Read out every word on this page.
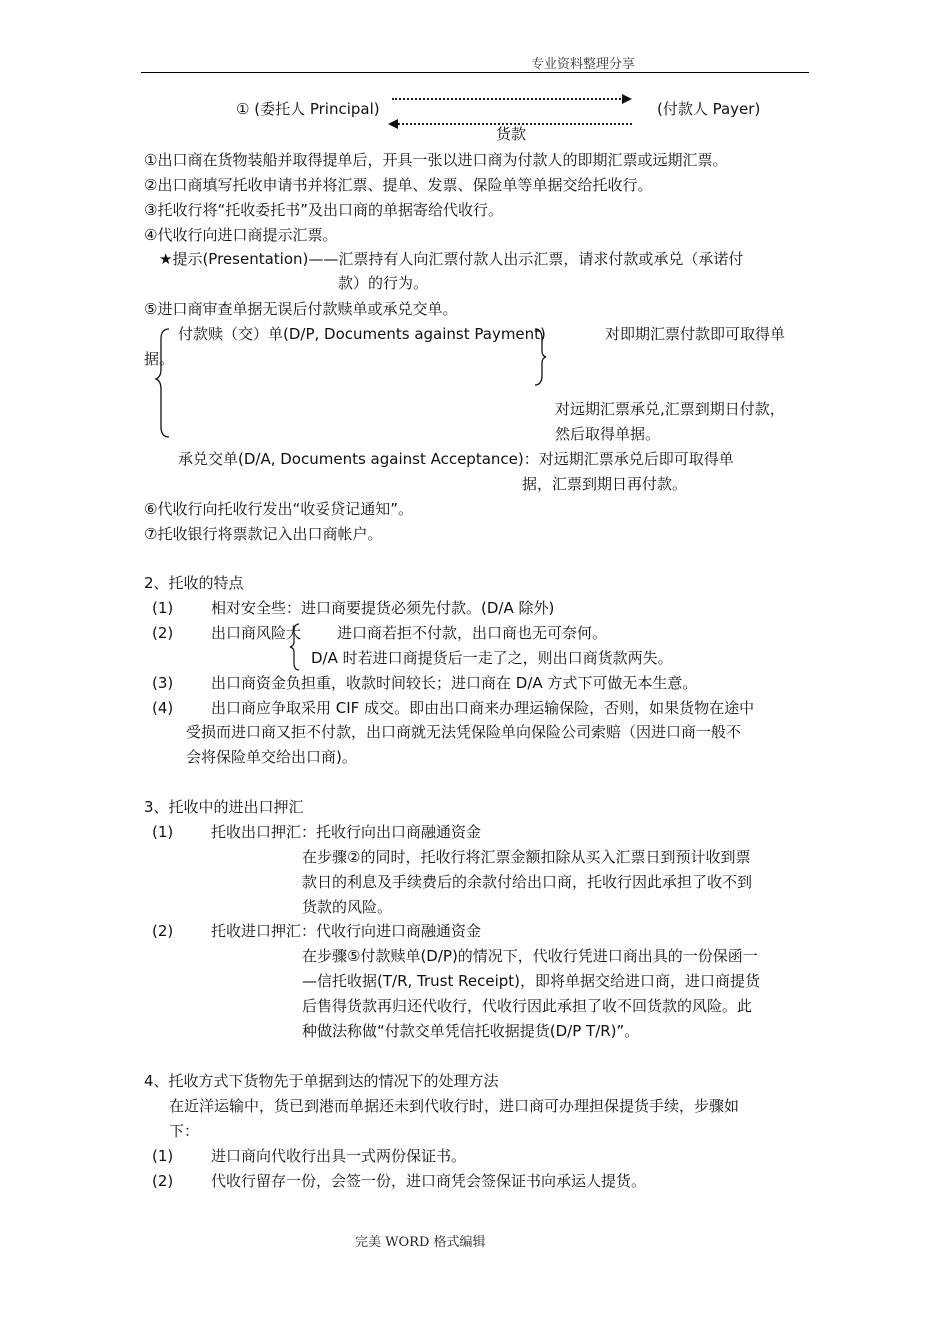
专业资料整理分享
① (委托人 Principal)	(付款人 Payer)
货款
①出口商在货物装船并取得提单后，开具一张以进口商为付款人的即期汇票或远期汇票。
②出口商填写托收申请书并将汇票、提单、发票、保险单等单据交给托收行。
③托收行将“托收委托书”及出口商的单据寄给代收行。
④代收行向进口商提示汇票。
★提示(Presentation)——汇票持有人向汇票付款人出示汇票，请求付款或承兑（承诺付
款）的行为。
⑤进口商审查单据无误后付款赎单或承兑交单。
付款赎（交）单(D/P, Documents against Payment)	对即期汇票付款即可取得单
据。
对远期汇票承兑,汇票到期日付款，
然后取得单据。
承兑交单(D/A, Documents against Acceptance)：对远期汇票承兑后即可取得单
据，汇票到期日再付款。
⑥代收行向托收行发出“收妥贷记通知”。
⑦托收银行将票款记入出口商帐户。
2、托收的特点
(1)	相对安全些：进口商要提货必须先付款。(D/A 除外)
(2)	出口商风险大 进口商若拒不付款，出口商也无可奈何。
D/A 时若进口商提货后一走了之，则出口商货款两失。
(3)	出口商资金负担重，收款时间较长；进口商在 D/A 方式下可做无本生意。
(4)	出口商应争取采用 CIF 成交。即由出口商来办理运输保险，否则，如果货物在途中
受损而进口商又拒不付款，出口商就无法凭保险单向保险公司索赔（因进口商一般不
会将保险单交给出口商)。
3、托收中的进出口押汇
(1)	托收出口押汇：托收行向出口商融通资金
在步骤②的同时，托收行将汇票金额扣除从买入汇票日到预计收到票
款日的利息及手续费后的余款付给出口商，托收行因此承担了收不到
货款的风险。
(2)	托收进口押汇：代收行向进口商融通资金
在步骤⑤付款赎单(D/P)的情况下，代收行凭进口商出具的一份保函一
—信托收据(T/R, Trust Receipt)，即将单据交给进口商，进口商提货
后售得货款再归还代收行，代收行因此承担了收不回货款的风险。此
种做法称做“付款交单凭信托收据提货(D/P T/R)”。
4、托收方式下货物先于单据到达的情况下的处理方法
在近洋运输中，货已到港而单据还未到代收行时，进口商可办理担保提货手续，步骤如
下：
(1)	进口商向代收行出具一式两份保证书。
(2)	代收行留存一份，会签一份，进口商凭会签保证书向承运人提货。
完美 WORD 格式编辑
